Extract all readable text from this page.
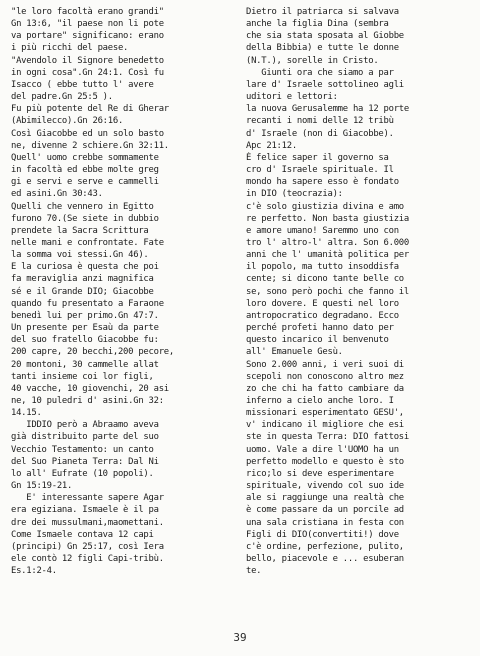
"le loro facoltà erano grandi"
Gn 13:6, "il paese non li pote
va portare" significano: erano
i più ricchi del paese.
"Avendolo il Signore benedetto
in ogni cosa".Gn 24:1. Così fu
Isacco ( ebbe tutto l' avere
del padre.Gn 25:5 ).
Fu più potente del Re di Gherar
(Abimilecco).Gn 26:16.
Così Giacobbe ed un solo basto
ne, divenne 2 schiere.Gn 32:11.
Quell' uomo crebbe sommamente
in facoltà ed ebbe molte greg
gi e servi e serve e cammelli
ed asini.Gn 30:43.
Quelli che vennero in Egitto
furono 70.(Se siete in dubbio
prendete la Sacra Scrittura
nelle mani e confrontate. Fate
la somma voi stessi.Gn 46).
E la curiosa è questa che poi
fa meraviglia anzi magnifica
sé e il Grande DIO; Giacobbe
quando fu presentato a Faraone
benedì lui per primo.Gn 47:7.
Un presente per Esaù da parte
del suo fratello Giacobbe fu:
200 capre, 20 becchi,200 pecore,
20 montoni, 30 cammelle allat
tanti insieme coi lor figli,
40 vacche, 10 giovenchi, 20 asi
ne, 10 puledri d' asini.Gn 32:
14.15.
IDDIO però a Abraamo aveva
già distribuito parte del suo
Vecchio Testamento: un canto
del Suo Pianeta Terra: Dal Ni
lo all' Eufrate (10 popoli).
Gn 15:19-21.
E' interessante sapere Agar
era egiziana. Ismaele è il pa
dre dei mussulmani,maomettani.
Come Ismaele contava 12 capi
(principi) Gn 25:17, così Iera
ele contò 12 figli Capi-tribù.
Es.1:2-4.
Dietro il patriarca si salvava
anche la figlia Dina (sembra
che sia stata sposata al Giobbe
della Bibbia) e tutte le donne
(N.T.), sorelle in Cristo.
Giunti ora che siamo a par
lare d' Israele sottolineo agli
uditori e lettori:
la nuova Gerusalemme ha 12 porte
recanti i nomi delle 12 tribù
d' Israele (non di Giacobbe).
Apc 21:12.
È felice saper il governo sa
cro d' Israele spirituale. Il
mondo ha sapere esso è fondato
in DIO (teocrazia):
c'è solo giustizia divina e amo
re perfetto. Non basta giustizia
e amore umano! Saremmo uno con
tro l' altro-l' altra. Son 6.000
anni che l' umanità politica per
il popolo, ma tutto insoddisfa
cente; si dicono tante belle co
se, sono però pochi che fanno il
loro dovere. E questi nel loro
antropocratico degradano. Ecco
perché profeti hanno dato per
questo incarico il benvenuto
all' Emanuele Gesù.
Sono 2.000 anni, i veri suoi di
scepoli non conoscono altro mez
zo che chi ha fatto cambiare da
inferno a cielo anche loro. I
missionari esperimentato GESU',
v' indicano il migliore che esi
ste in questa Terra: DIO fattosi
uomo. Vale a dire l'UOMO ha un
perfetto modello e questo è sto
rico;lo si deve esperimentare
spirituale, vivendo col suo ide
ale si raggiunge una realtà che
è come passare da un porcile ad
una sala cristiana in festa con
Figli di DIO(convertiti!) dove
c'è ordine, perfezione, pulito,
bello, piacevole e ... esuberan
te.
39
